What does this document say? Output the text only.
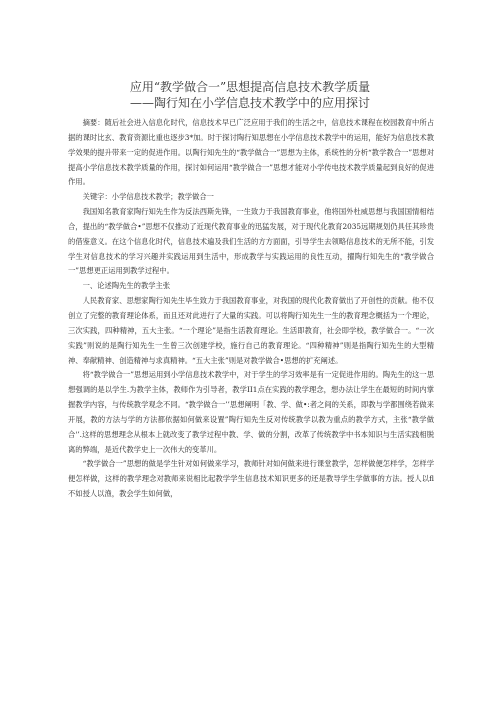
应用“教学做合一”思想提高信息技术教学质量
——陶行知在小学信息技术教学中的应用探讨

摘要：随后社会进入信息化时代，信息技术早已广泛应用于我们的生活之中，信息技术课程在校园教育中所占据的课时比玄、教育资源比重也逐步3*加。时于探讨陶行知思想在小学信息技术教学中的运用，能好为信息技术教学效果的提升带来一定的促进作用。以陶行知先生的“教学做合一”思想为主体，系统性的分析“教学教合一”思想对提高小学信息技术教学质量的作用，探讨如何运用“教学做合一”思想才能对小学传电技术教学质量起到良好的促进作用。

关键字：小学信息技术教学；教学做合一

我国知名教育家陶行知先生作为反法西斯先锋，一生致力于我国教育事业，他将国外杜威思想与我国国情相结合，提出的“教学做合•”思想不仅推动了近现代教育事业的迅猛发展，对于现代化教育2035远期规划仍具任其珍贵的借鉴意义。在这个信息化时代，信息技术遍及我们生活的方方面面，引导学生去领略信息技术的无所不能，引发学生对信息技术的学习兴趣并实践运用到生活中，形成教学与实践运用的良性互动，擢陶行知先生的“教学做合一”思想更正运用到教学过程中。

一、论述陶先生的教学主张

人民教育家、思想家陶行知先生毕生致力于我国教育事业，对我国的现代化教育做出了开创性的贡献。他不仅创立了完整的教育理论体系，而且还对此进行了大量的实践。可以将陶行知先生一生的教育理念概括为一个理论，三次实践，四种精神，五大主张。“一个理论”是指生活教育理论。生活即教育，社会即学校，教学做合一。“一次实践”则说的是陶行知先生一生曾三次创建学校，施行自己的教育理论。“四种精神”则是指陶行知先生的大型精神、奉献精神、创造精神与求真精神。“五大主张”则是对教学做合•思想的扩充阐述。

将“教学做合一”思想运用到小学信息技术教学中，对于学生的学习效率是有一定促进作用的。陶先生的这一思想强调的是以学生.为教学主体，教师作为引导者，教学II1点在实践的教学理念，想办法让学生在最短的时间内掌握教学内容，与传统教学观念不同。“教学做合一’’思想阐明「教、学、做•:者之间的关系，即教与学都围绕若做来开展，教的方法与学的方法都依据如何做来设置”陶行知先生反对传统教学以教为重点的教学方式，主张“教学做合'’.这样的思想理念从根本上就改变了教学过程中教、学、做的分割，改革了传统教学中书本知识与生活实践相脱离的弊端，是近代教学史上一次伟大的变革川。

“教学做合一”思想的做是学生针对如何做来学习，教师针对如何做来进行课堂教学，怎样做便怎样学，怎样学便怎样做，这样的教学理念对教师来说相比起教学学生信息技术知识更多的还是教导学生学做事的方法。授人以fl不如授人以渔，教会学生如何做，
